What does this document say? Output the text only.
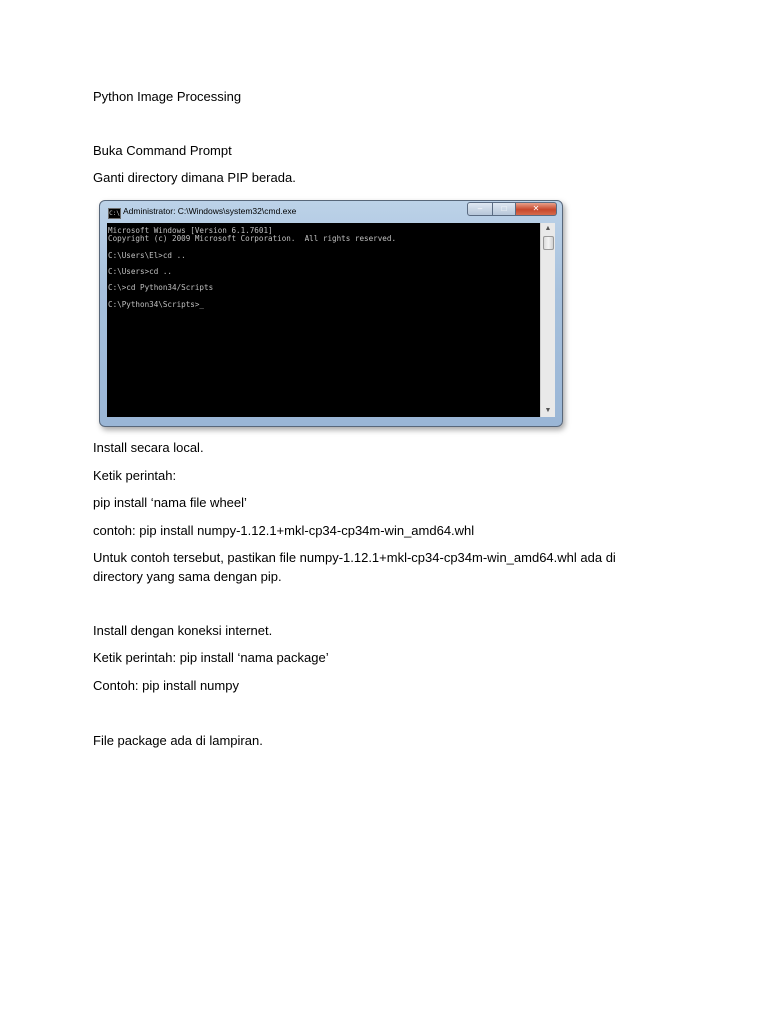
Python Image Processing
Buka Command Prompt
Ganti directory dimana PIP berada.
C:\ Administrator: C:\Windows\system32\cmd.exe	–	□	✕
Microsoft Windows [Version 6.1.7601]
Copyright (c) 2009 Microsoft Corporation.  All rights reserved.

C:\Users\El>cd ..

C:\Users>cd ..

C:\>cd Python34/Scripts

C:\Python34\Scripts>_
▲
▼
Install secara local.
Ketik perintah:
pip install ‘nama file wheel’
contoh: pip install numpy-1.12.1+mkl-cp34-cp34m-win_amd64.whl
Untuk contoh tersebut, pastikan file numpy-1.12.1+mkl-cp34-cp34m-win_amd64.whl ada di directory yang sama dengan pip.
Install dengan koneksi internet.
Ketik perintah: pip install ‘nama package’
Contoh: pip install numpy
File package ada di lampiran.
